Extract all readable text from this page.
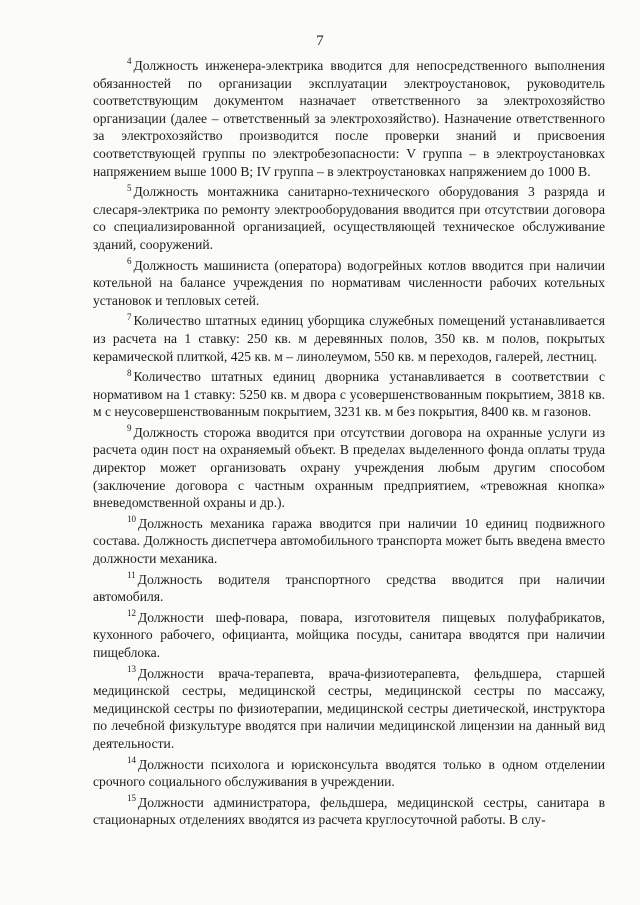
7

$^4$ Должность инженера-электрика вводится для непосредственного выполнения обязанностей по организации эксплуатации электроустановок, руководитель соответствующим документом назначает ответственного за электрохозяйство организации (далее – ответственный за электрохозяйство). Назначение ответственного за электрохозяйство производится после проверки знаний и присвоения соответствующей группы по электробезопасности: V группа – в электроустановках напряжением выше 1000 В; IV группа – в электроустановках напряжением до 1000 В.

$^5$ Должность монтажника санитарно-технического оборудования 3 разряда и слесаря-электрика по ремонту электрооборудования вводится при отсутствии договора со специализированной организацией, осуществляющей техническое обслуживание зданий, сооружений.

$^6$ Должность машиниста (оператора) водогрейных котлов вводится при наличии котельной на балансе учреждения по нормативам численности рабочих котельных установок и тепловых сетей.

$^7$ Количество штатных единиц уборщика служебных помещений устанавливается из расчета на 1 ставку: 250 кв. м деревянных полов, 350 кв. м полов, покрытых керамической плиткой, 425 кв. м – линолеумом, 550 кв. м переходов, галерей, лестниц.

$^8$ Количество штатных единиц дворника устанавливается в соответствии с нормативом на 1 ставку: 5250 кв. м двора с усовершенствованным покрытием, 3818 кв. м с неусовершенствованным покрытием, 3231 кв. м без покрытия, 8400 кв. м газонов.

$^9$ Должность сторожа вводится при отсутствии договора на охранные услуги из расчета один пост на охраняемый объект. В пределах выделенного фонда оплаты труда директор может организовать охрану учреждения любым другим способом (заключение договора с частным охранным предприятием, «тревожная кнопка» вневедомственной охраны и др.).

$^{10}$ Должность механика гаража вводится при наличии 10 единиц подвижного состава. Должность диспетчера автомобильного транспорта может быть введена вместо должности механика.

$^{11}$ Должность водителя транспортного средства вводится при наличии автомобиля.

$^{12}$ Должности шеф-повара, повара, изготовителя пищевых полуфабрикатов, кухонного рабочего, официанта, мойщика посуды, санитара вводятся при наличии пищеблока.

$^{13}$ Должности врача-терапевта, врача-физиотерапевта, фельдшера, старшей медицинской сестры, медицинской сестры, медицинской сестры по массажу, медицинской сестры по физиотерапии, медицинской сестры диетической, инструктора по лечебной физкультуре вводятся при наличии медицинской лицензии на данный вид деятельности.

$^{14}$ Должности психолога и юрисконсульта вводятся только в одном отделении срочного социального обслуживания в учреждении.

$^{15}$ Должности администратора, фельдшера, медицинской сестры, санитара в стационарных отделениях вводятся из расчета круглосуточной работы. В слу-
